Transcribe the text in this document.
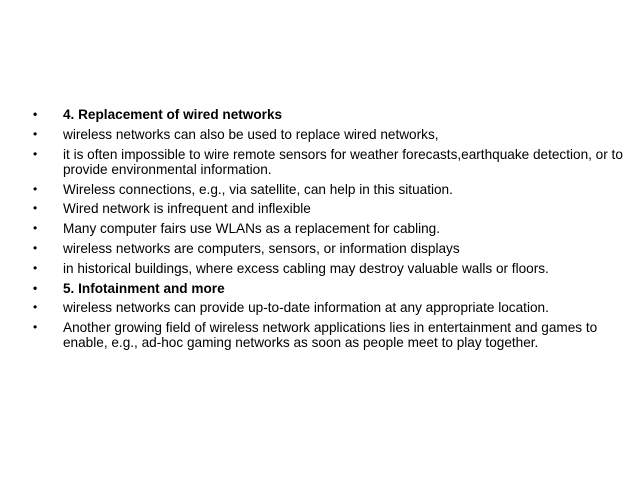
•	4. Replacement of wired networks
•	wireless networks can also be used to replace wired networks,
•	it is often impossible to wire remote sensors for weather forecasts,earthquake detection, or to provide environmental information.
•	Wireless connections, e.g., via satellite, can help in this situation.
•	Wired network is infrequent and inflexible
•	Many computer fairs use WLANs as a replacement for cabling.
•	wireless networks are computers, sensors, or information displays
•	in historical buildings, where excess cabling may destroy valuable walls or floors.
•	5. Infotainment and more
•	wireless networks can provide up-to-date information at any appropriate location.
•	Another growing field of wireless network applications lies in entertainment and games to enable, e.g., ad-hoc gaming networks as soon as people meet to play together.
